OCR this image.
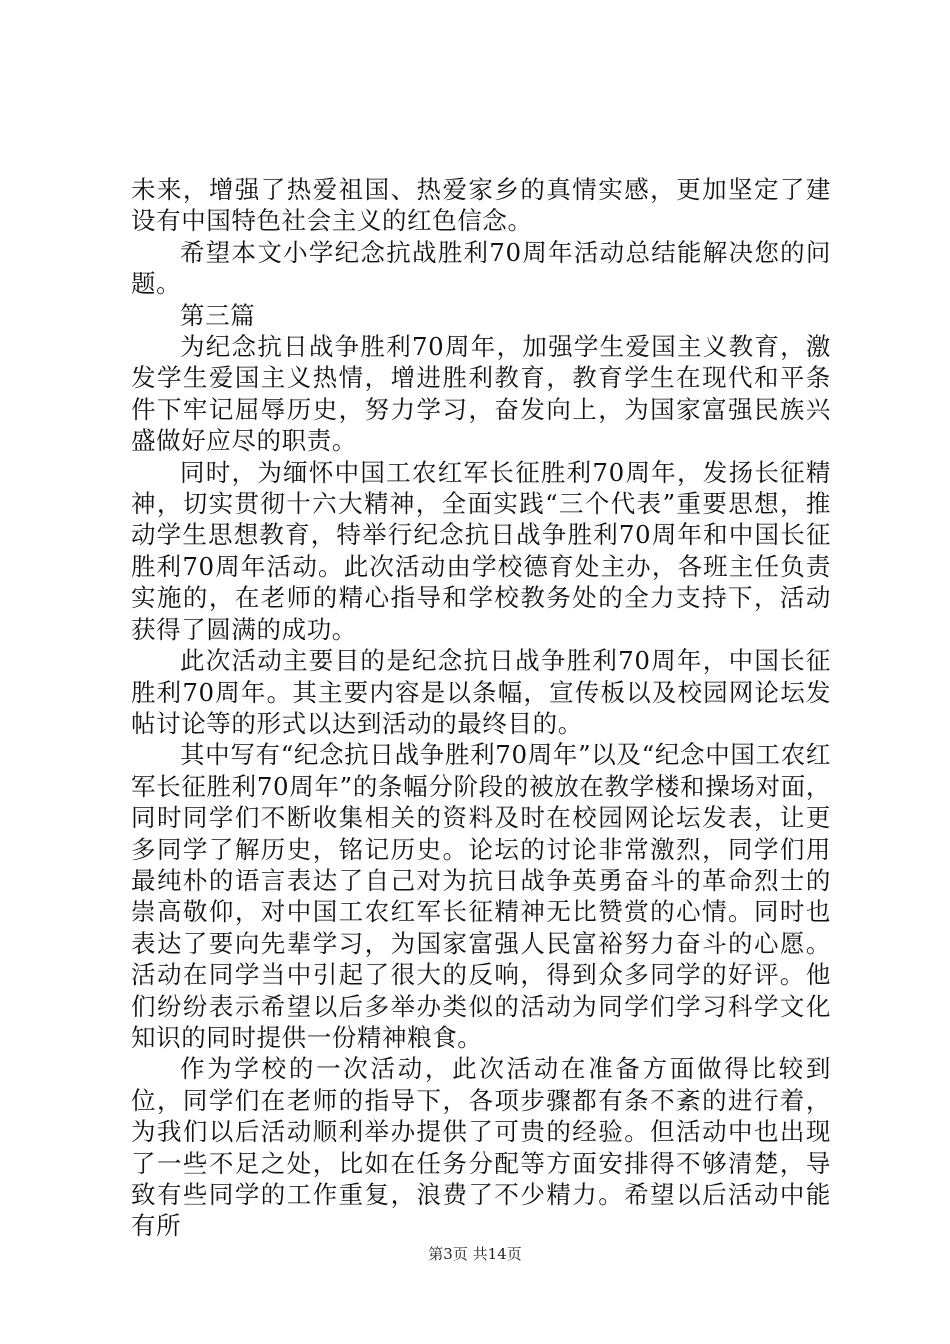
未来，增强了热爱祖国、热爱家乡的真情实感，更加坚定了建设有中国特色社会主义的红色信念。

希望本文小学纪念抗战胜利70周年活动总结能解决您的问题。

第三篇

为纪念抗日战争胜利70周年，加强学生爱国主义教育，激发学生爱国主义热情，增进胜利教育，教育学生在现代和平条件下牢记屈辱历史，努力学习，奋发向上，为国家富强民族兴盛做好应尽的职责。

同时，为缅怀中国工农红军长征胜利70周年，发扬长征精神，切实贯彻十六大精神，全面实践“三个代表”重要思想，推动学生思想教育，特举行纪念抗日战争胜利70周年和中国长征胜利70周年活动。此次活动由学校德育处主办，各班主任负责实施的，在老师的精心指导和学校教务处的全力支持下，活动获得了圆满的成功。

此次活动主要目的是纪念抗日战争胜利70周年，中国长征胜利70周年。其主要内容是以条幅，宣传板以及校园网论坛发帖讨论等的形式以达到活动的最终目的。

其中写有“纪念抗日战争胜利70周年”以及“纪念中国工农红军长征胜利70周年”的条幅分阶段的被放在教学楼和操场对面，同时同学们不断收集相关的资料及时在校园网论坛发表，让更多同学了解历史，铭记历史。论坛的讨论非常激烈，同学们用最纯朴的语言表达了自己对为抗日战争英勇奋斗的革命烈士的崇高敬仰，对中国工农红军长征精神无比赞赏的心情。同时也表达了要向先辈学习，为国家富强人民富裕努力奋斗的心愿。活动在同学当中引起了很大的反响，得到众多同学的好评。他们纷纷表示希望以后多举办类似的活动为同学们学习科学文化知识的同时提供一份精神粮食。

作为学校的一次活动，此次活动在准备方面做得比较到位，同学们在老师的指导下，各项步骤都有条不紊的进行着，为我们以后活动顺利举办提供了可贵的经验。但活动中也出现了一些不足之处，比如在任务分配等方面安排得不够清楚，导致有些同学的工作重复，浪费了不少精力。希望以后活动中能有所

第3页 共14页
